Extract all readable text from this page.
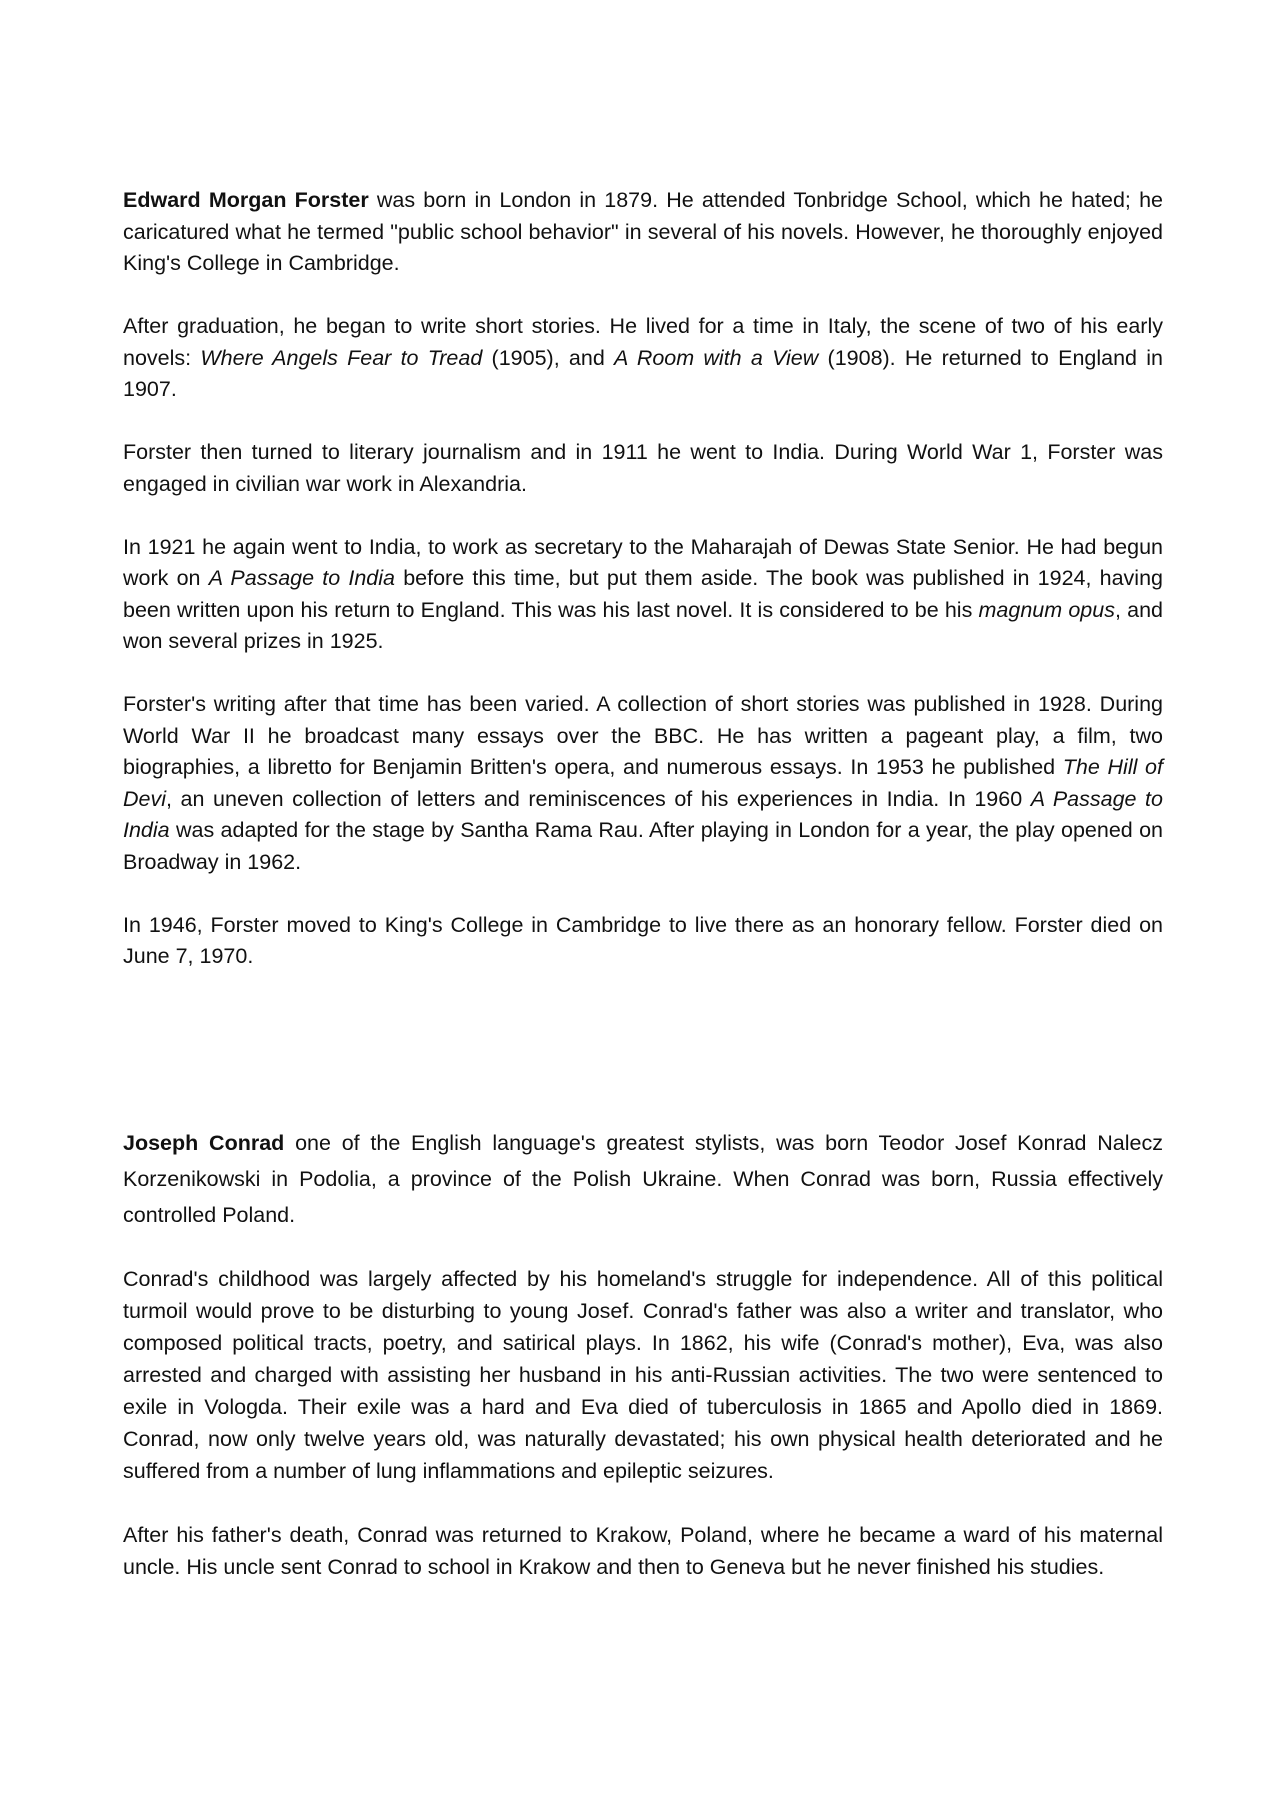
Edward Morgan Forster was born in London in 1879. He attended Tonbridge School, which he hated; he caricatured what he termed "public school behavior" in several of his novels. However, he thoroughly enjoyed King's College in Cambridge.

After graduation, he began to write short stories. He lived for a time in Italy, the scene of two of his early novels: Where Angels Fear to Tread (1905), and A Room with a View (1908). He returned to England in 1907.

Forster then turned to literary journalism and in 1911 he went to India. During World War 1, Forster was engaged in civilian war work in Alexandria.

In 1921 he again went to India, to work as secretary to the Maharajah of Dewas State Senior. He had begun work on A Passage to India before this time, but put them aside. The book was published in 1924, having been written upon his return to England. This was his last novel. It is considered to be his magnum opus, and won several prizes in 1925.

Forster's writing after that time has been varied. A collection of short stories was published in 1928. During World War II he broadcast many essays over the BBC. He has written a pageant play, a film, two biographies, a libretto for Benjamin Britten's opera, and numerous essays. In 1953 he published The Hill of Devi, an uneven collection of letters and reminiscences of his experiences in India. In 1960 A Passage to India was adapted for the stage by Santha Rama Rau. After playing in London for a year, the play opened on Broadway in 1962.

In 1946, Forster moved to King's College in Cambridge to live there as an honorary fellow. Forster died on June 7, 1970.

Joseph Conrad one of the English language's greatest stylists, was born Teodor Josef Konrad Nalecz Korzenikowski in Podolia, a province of the Polish Ukraine. When Conrad was born, Russia effectively controlled Poland.

Conrad's childhood was largely affected by his homeland's struggle for independence. All of this political turmoil would prove to be disturbing to young Josef. Conrad's father was also a writer and translator, who composed political tracts, poetry, and satirical plays. In 1862, his wife (Conrad's mother), Eva, was also arrested and charged with assisting her husband in his anti-Russian activities. The two were sentenced to exile in Vologda. Their exile was a hard and Eva died of tuberculosis in 1865 and Apollo died in 1869. Conrad, now only twelve years old, was naturally devastated; his own physical health deteriorated and he suffered from a number of lung inflammations and epileptic seizures.

After his father's death, Conrad was returned to Krakow, Poland, where he became a ward of his maternal uncle. His uncle sent Conrad to school in Krakow and then to Geneva but he never finished his studies.
